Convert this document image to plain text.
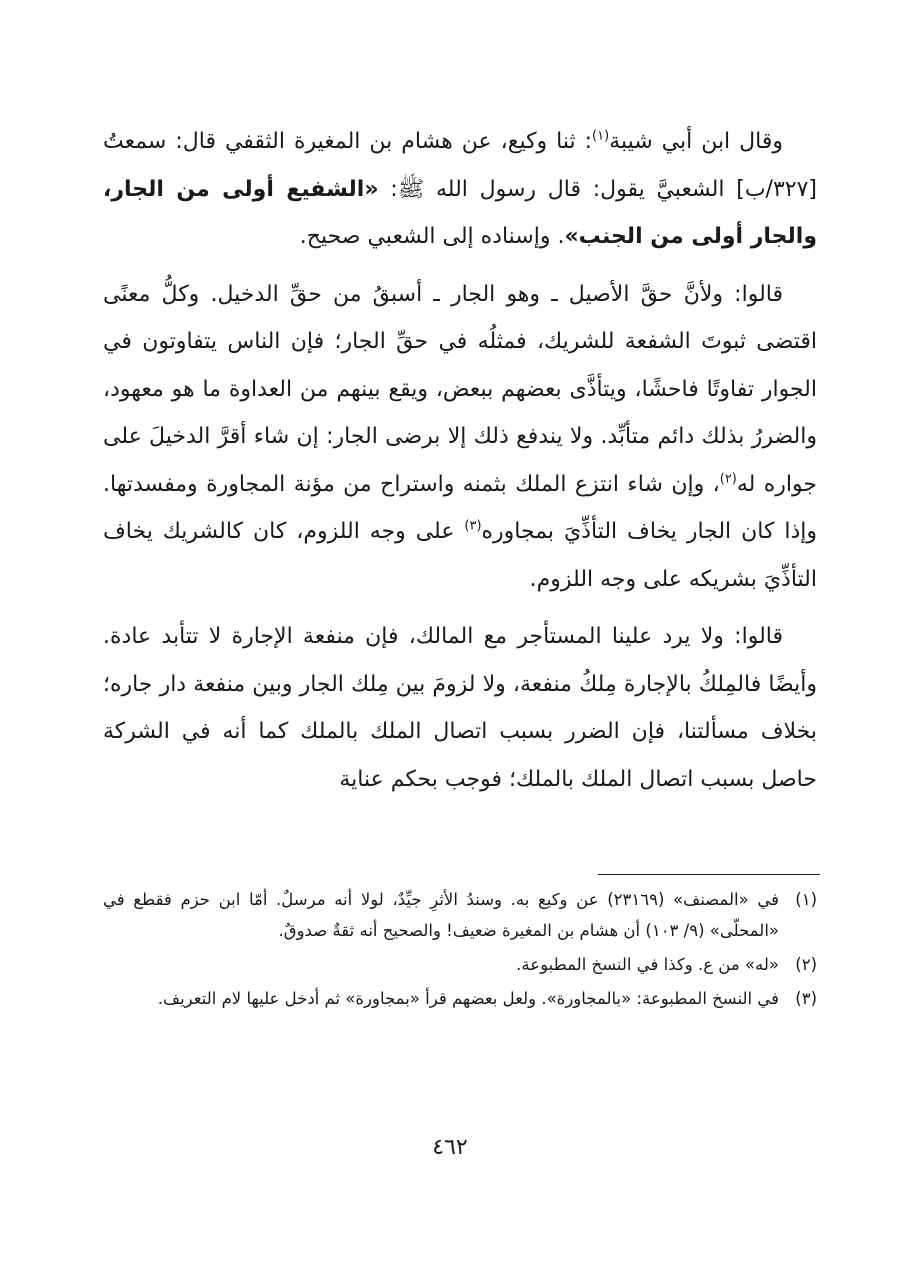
وقال ابن أبي شيبة$^{(١)}$: ثنا وكيع، عن هشام بن المغيرة الثقفي قال: سمعتُ [٣٢٧/ب] الشعبيَّ يقول: قال رسول الله ﷺ: «الشفيع أولى من الجار، والجار أولى من الجنب». وإسناده إلى الشعبي صحيح.

قالوا: ولأنَّ حقَّ الأصيل ـ وهو الجار ـ أسبقُ من حقِّ الدخيل. وكلُّ معنًى اقتضى ثبوتَ الشفعة للشريك، فمثلُه في حقِّ الجار؛ فإن الناس يتفاوتون في الجوار تفاوتًا فاحشًا، ويتأذَّى بعضهم ببعض، ويقع بينهم من العداوة ما هو معهود، والضررُ بذلك دائم متأبِّد. ولا يندفع ذلك إلا برضى الجار: إن شاء أقرَّ الدخيلَ على جواره له$^{(٢)}$، وإن شاء انتزع الملك بثمنه واستراح من مؤنة المجاورة ومفسدتها. وإذا كان الجار يخاف التأذِّيَ بمجاوره$^{(٣)}$ على وجه اللزوم، كان كالشريك يخاف التأذِّيَ بشريكه على وجه اللزوم.

قالوا: ولا يرد علينا المستأجر مع المالك، فإن منفعة الإجارة لا تتأبد عادة. وأيضًا فالمِلكُ بالإجارة مِلكُ منفعة، ولا لزومَ بين مِلك الجار وبين منفعة دار جاره؛ بخلاف مسألتنا، فإن الضرر بسبب اتصال الملك بالملك كما أنه في الشركة حاصل بسبب اتصال الملك بالملك؛ فوجب بحكم عناية

(١)
في «المصنف» (٢٣١٦٩) عن وكيع به. وسندُ الأثرِ جيِّدٌ، لولا أنه مرسلٌ. أمّا ابن حزم فقطع في «المحلّى» (٩/ ١٠٣) أن هشام بن المغيرة ضعيف! والصحيح أنه ثقةٌ صدوقٌ.
(٢)
«له» من ع. وكذا في النسخ المطبوعة.
(٣)
في النسخ المطبوعة: «بالمجاورة». ولعل بعضهم قرأ «بمجاورة» ثم أدخل عليها لام التعريف.
٤٦٢
